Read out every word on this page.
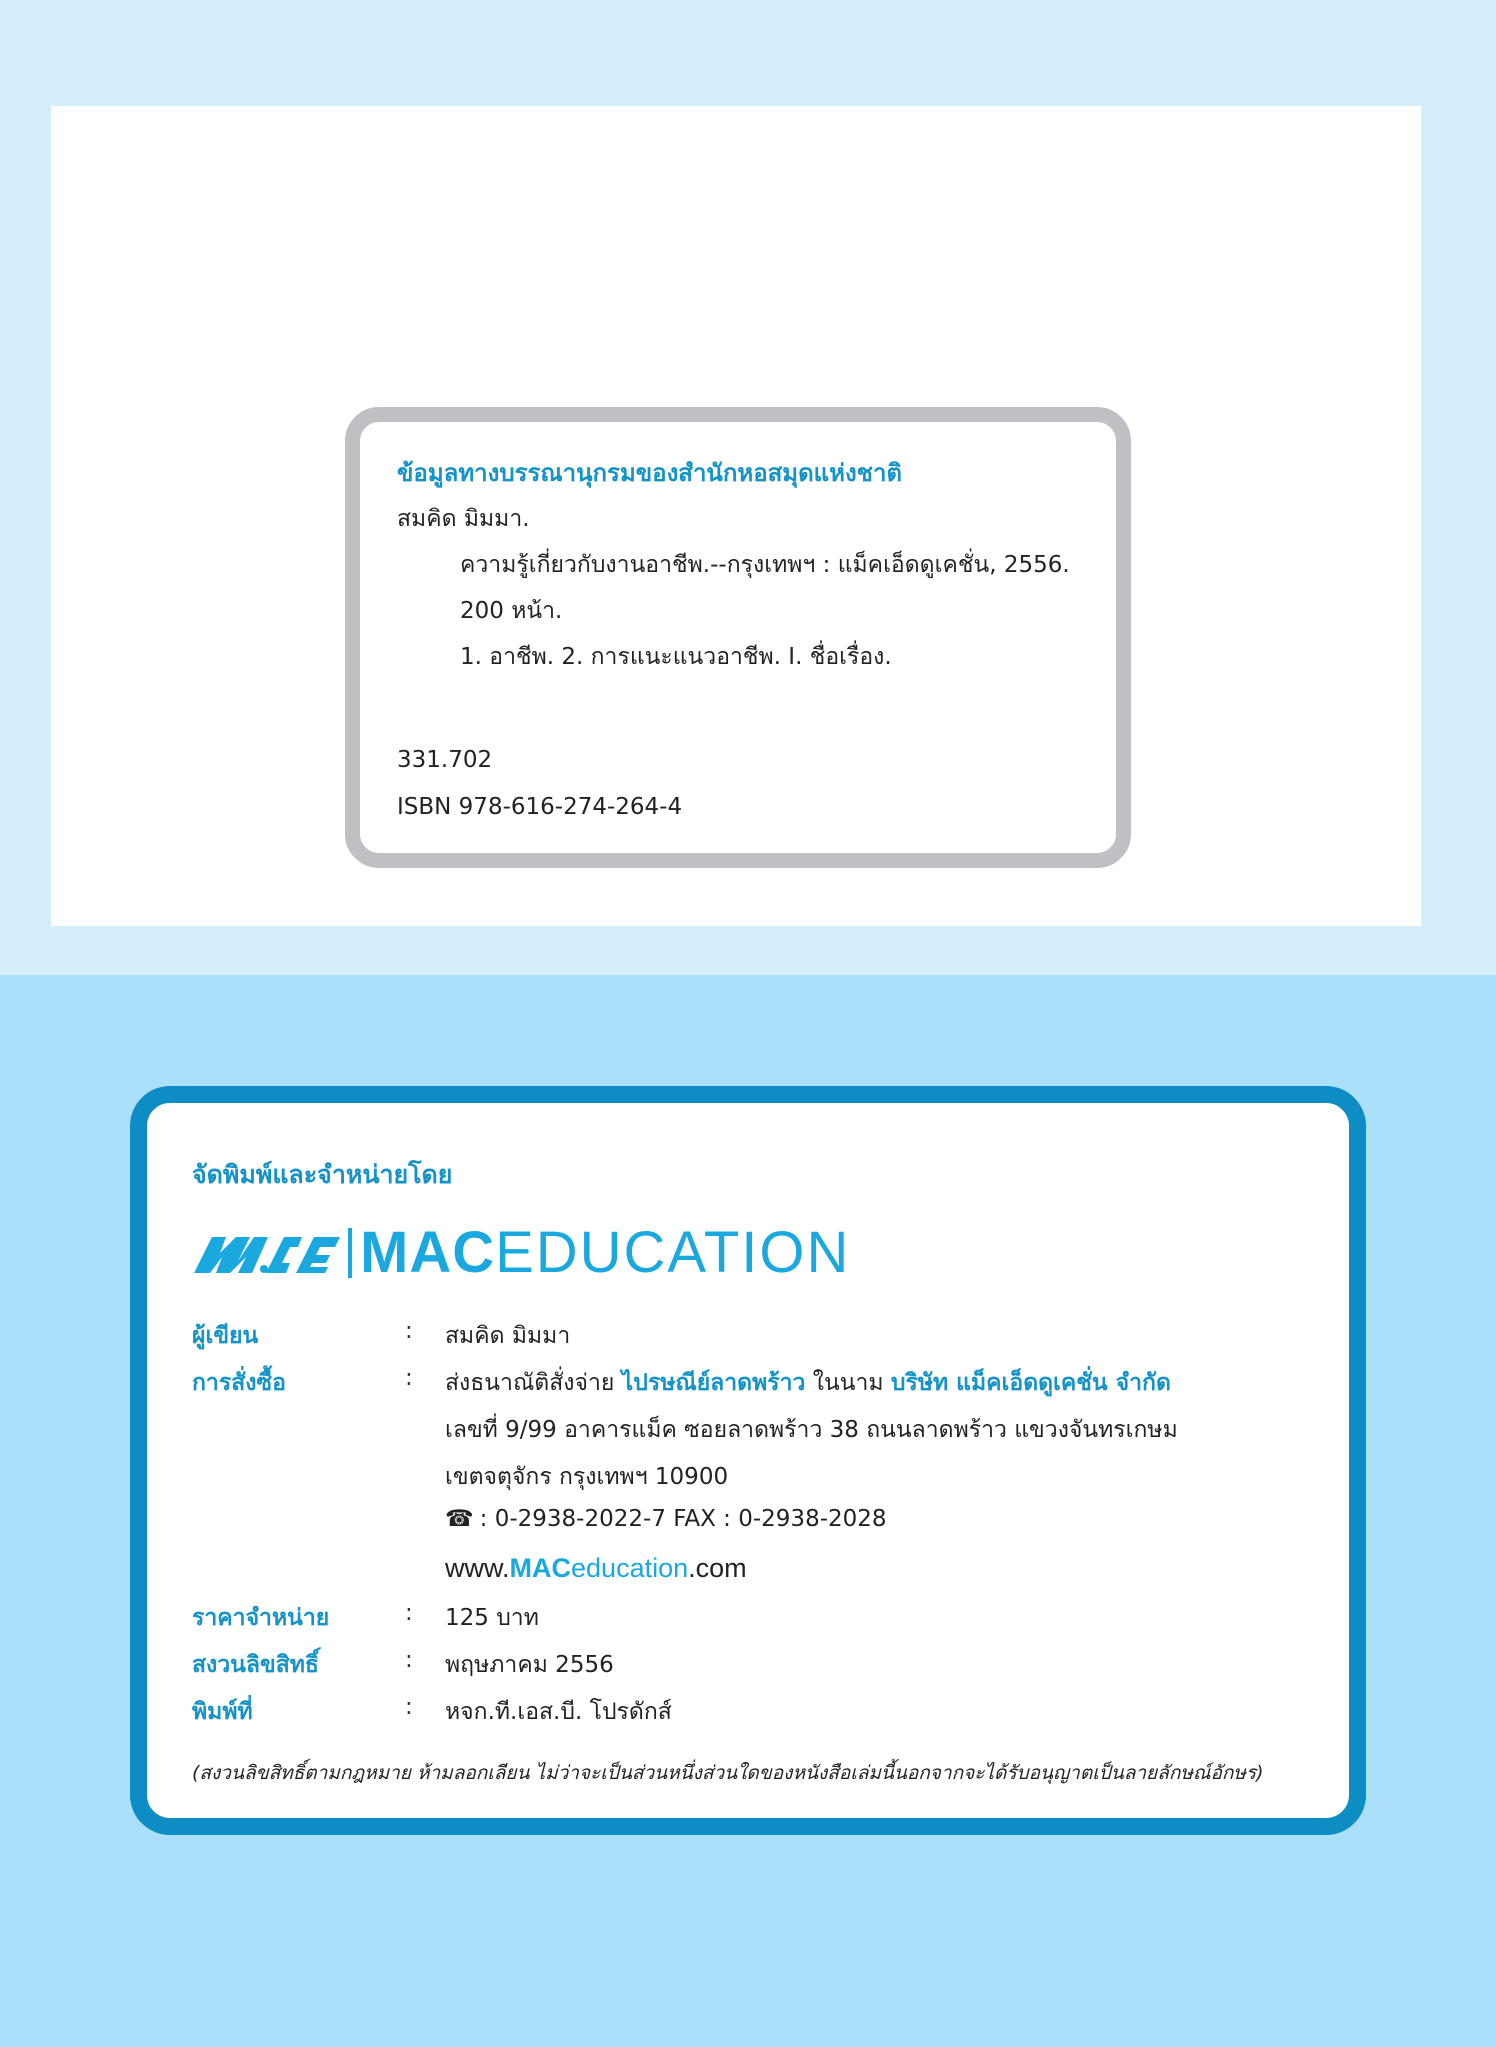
ข้อมูลทางบรรณานุกรมของสำนักหอสมุดแห่งชาติ
สมคิด มิมมา.
ความรู้เกี่ยวกับงานอาชีพ.--กรุงเทพฯ : แม็คเอ็ดดูเคชั่น, 2556.
200 หน้า.
1. อาชีพ. 2. การแนะแนวอาชีพ. I. ชื่อเรื่อง.
331.702
ISBN 978-616-274-264-4
จัดพิมพ์และจำหน่ายโดย
MAC EDUCATION
ผู้เขียน	: สมคิด มิมมา
การสั่งซื้อ	: ส่งธนาณัติสั่งจ่าย ไปรษณีย์ลาดพร้าว ในนาม บริษัท แม็คเอ็ดดูเคชั่น จำกัด
เลขที่ 9/99 อาคารแม็ค ซอยลาดพร้าว 38 ถนนลาดพร้าว แขวงจันทรเกษม
เขตจตุจักร กรุงเทพฯ 10900
☎ : 0-2938-2022-7 FAX : 0-2938-2028
www.MACeducation.com
ราคาจำหน่าย	: 125 บาท
สงวนลิขสิทธิ์	: พฤษภาคม 2556
พิมพ์ที่	: หจก.ที.เอส.บี. โปรดักส์
(สงวนลิขสิทธิ์ตามกฎหมาย ห้ามลอกเลียน ไม่ว่าจะเป็นส่วนหนึ่งส่วนใดของหนังสือเล่มนี้นอกจากจะได้รับอนุญาตเป็นลายลักษณ์อักษร)
